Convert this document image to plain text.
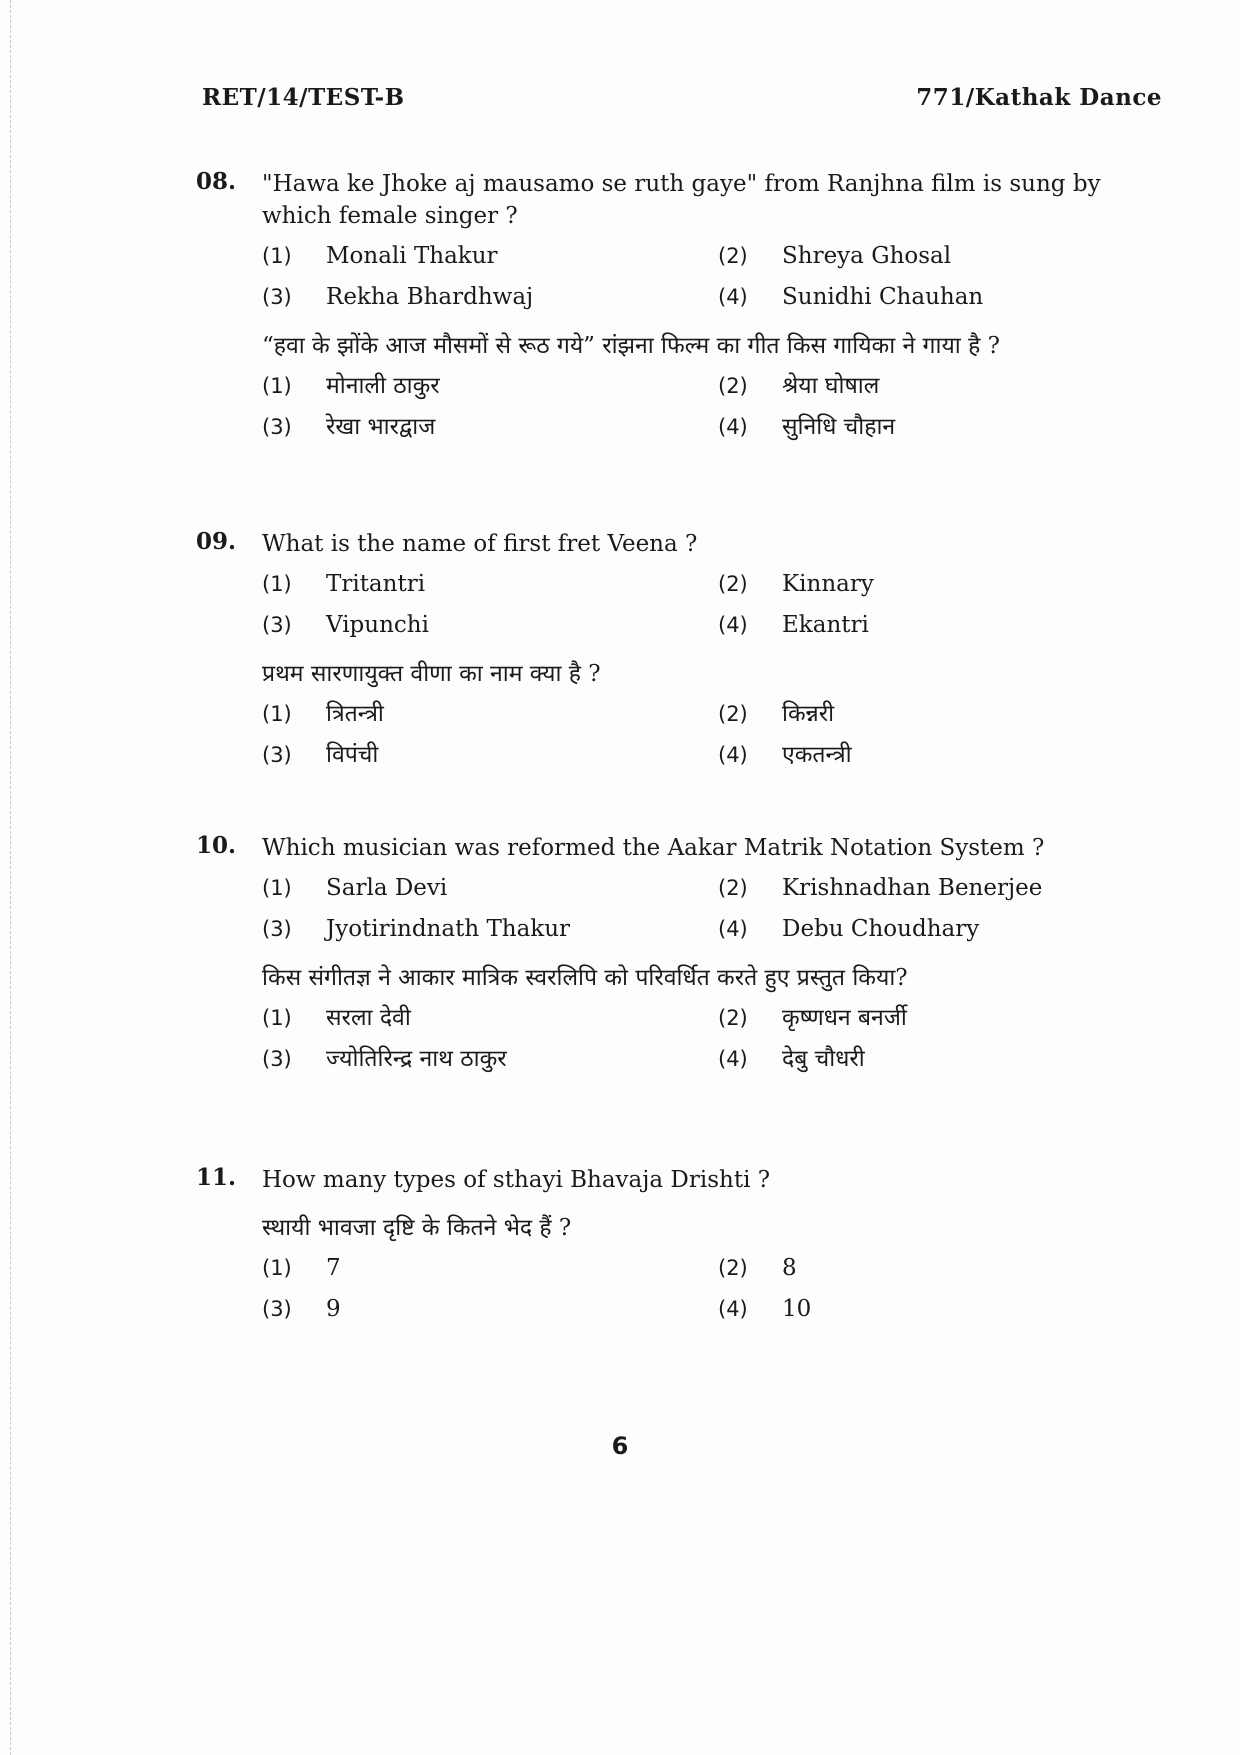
RET/14/TEST-B	771/Kathak Dance
08. "Hawa ke Jhoke aj mausamo se ruth gaye" from Ranjhna film is sung by which female singer ?

(1)	Monali Thakur	(2)	Shreya Ghosal
(3)	Rekha Bhardhwaj	(4)	Sunidhi Chauhan

“हवा के झोंके आज मौसमों से रूठ गये” रांझना फिल्म का गीत किस गायिका ने गाया है ?

(1)	मोनाली ठाकुर	(2)	श्रेया घोषाल
(3)	रेखा भारद्वाज	(4)	सुनिधि चौहान
09. What is the name of first fret Veena ?

(1)	Tritantri	(2)	Kinnary
(3)	Vipunchi	(4)	Ekantri

प्रथम सारणायुक्त वीणा का नाम क्या है ?

(1)	त्रितन्त्री	(2)	किन्नरी
(3)	विपंची	(4)	एकतन्त्री
10. Which musician was reformed the Aakar Matrik Notation System ?

(1)	Sarla Devi	(2)	Krishnadhan Benerjee
(3)	Jyotirindnath Thakur	(4)	Debu Choudhary

किस संगीतज्ञ ने आकार मात्रिक स्वरलिपि को परिवर्धित करते हुए प्रस्तुत किया?

(1)	सरला देवी	(2)	कृष्णधन बनर्जी
(3)	ज्योतिरिन्द्र नाथ ठाकुर	(4)	देबु चौधरी
11. How many types of sthayi Bhavaja Drishti ?

स्थायी भावजा दृष्टि के कितने भेद हैं ?

(1)	7	(2)	8
(3)	9	(4)	10
6
